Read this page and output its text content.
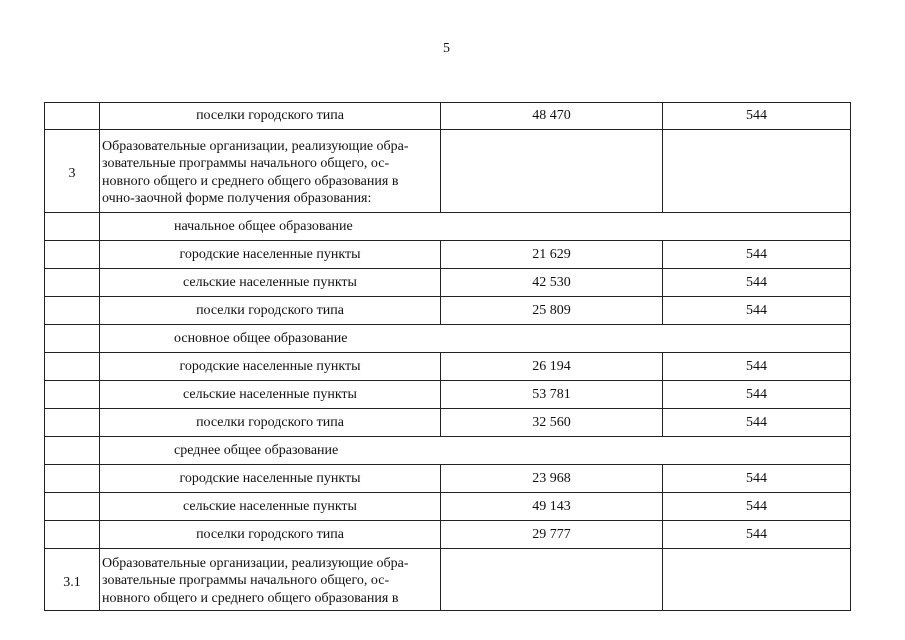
5
	поселки городского типа	48 470	544
3	Образовательные организации, реализующие обра-
зовательные программы начального общего, ос-
новного общего и среднего общего образования в
очно-заочной форме получения образования:		
	начальное общее образование		
	городские населенные пункты	21 629	544
	сельские населенные пункты	42 530	544
	поселки городского типа	25 809	544
	основное общее образование		
	городские населенные пункты	26 194	544
	сельские населенные пункты	53 781	544
	поселки городского типа	32 560	544
	среднее общее образование		
	городские населенные пункты	23 968	544
	сельские населенные пункты	49 143	544
	поселки городского типа	29 777	544
3.1	Образовательные организации, реализующие обра-
зовательные программы начального общего, ос-
новного общего и среднего общего образования в		
